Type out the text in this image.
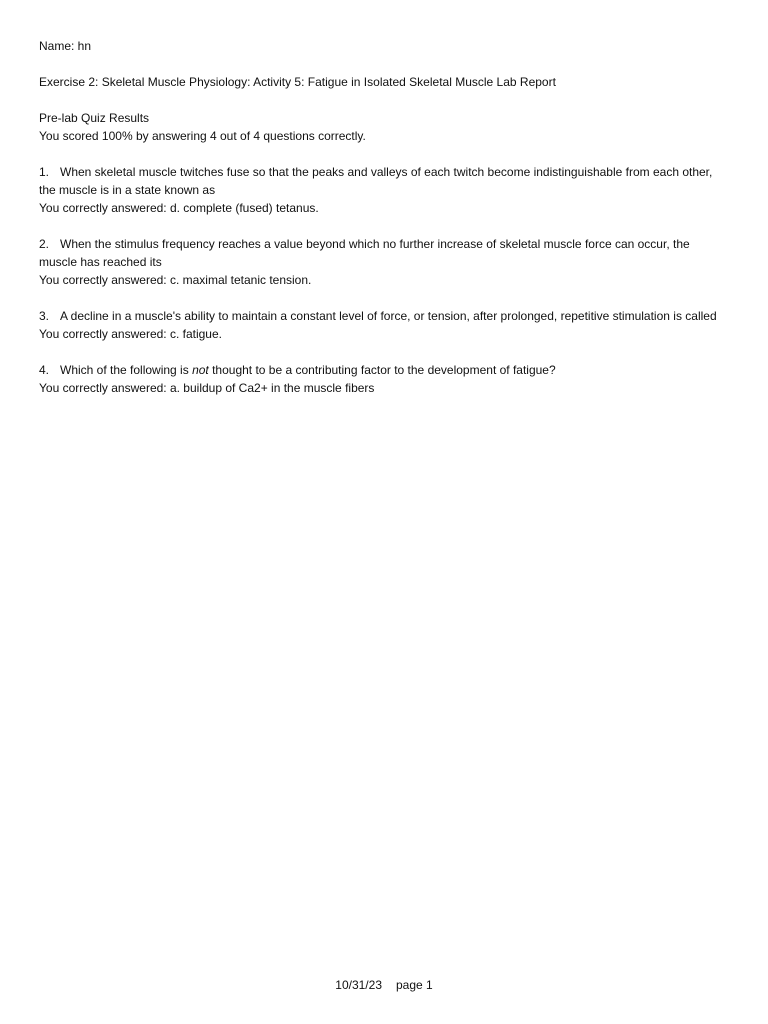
Name: hn

Exercise 2: Skeletal Muscle Physiology: Activity 5: Fatigue in Isolated Skeletal Muscle Lab Report

Pre-lab Quiz Results

You scored 100% by answering 4 out of 4 questions correctly.

1. When skeletal muscle twitches fuse so that the peaks and valleys of each twitch become indistinguishable from each other, the muscle is in a state known as

You correctly answered: d. complete (fused) tetanus.

2. When the stimulus frequency reaches a value beyond which no further increase of skeletal muscle force can occur, the muscle has reached its

You correctly answered: c. maximal tetanic tension.

3. A decline in a muscle's ability to maintain a constant level of force, or tension, after prolonged, repetitive stimulation is called

You correctly answered: c. fatigue.

4. Which of the following is not thought to be a contributing factor to the development of fatigue?

You correctly answered: a. buildup of Ca2+ in the muscle fibers

10/31/23 page 1
